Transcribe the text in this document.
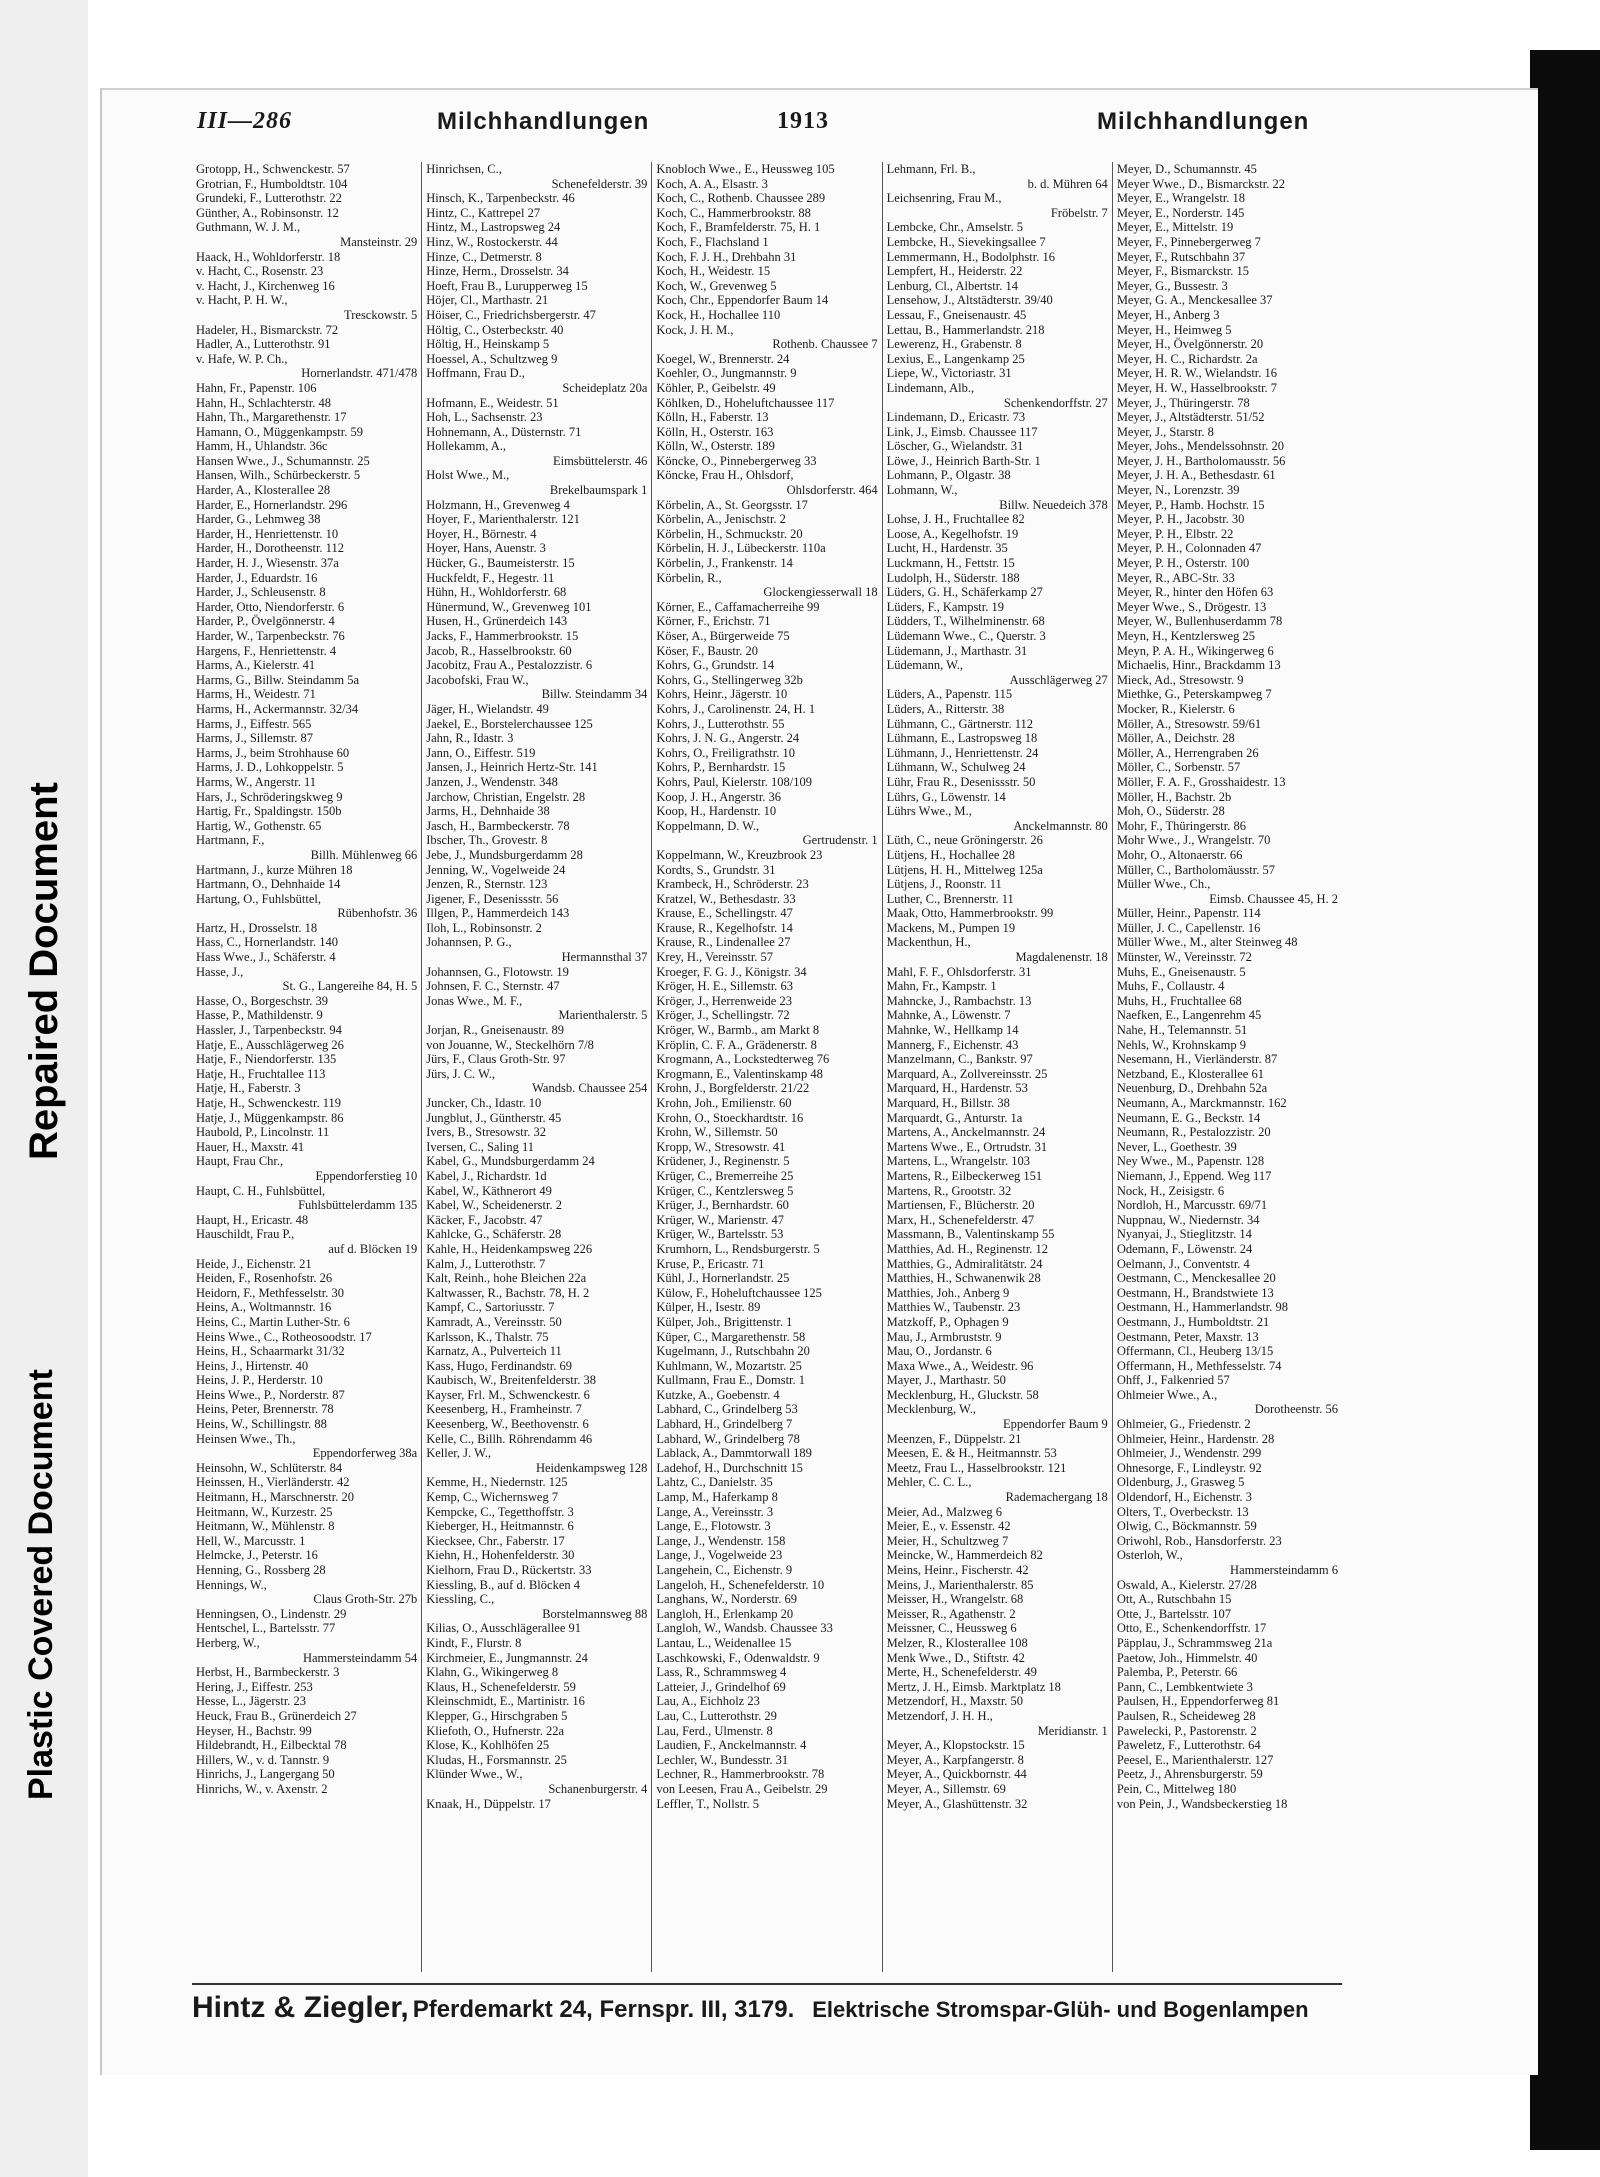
Repaired Document
Plastic Covered Document
III—286	Milchhandlungen	1913	Milchhandlungen
Grotopp, H., Schwenckestr. 57
Grotrian, F., Humboldtstr. 104
Grundeki, F., Lutterothstr. 22
Günther, A., Robinsonstr. 12
Guthmann, W. J. M.,
Mansteinstr. 29
Haack, H., Wohldorferstr. 18
v. Hacht, C., Rosenstr. 23
v. Hacht, J., Kirchenweg 16
v. Hacht, P. H. W.,
Tresckowstr. 5
Hadeler, H., Bismarckstr. 72
Hadler, A., Lutterothstr. 91
v. Hafe, W. P. Ch.,
Hornerlandstr. 471/478
Hahn, Fr., Papenstr. 106
Hahn, H., Schlachterstr. 48
Hahn, Th., Margarethenstr. 17
Hamann, O., Müggenkampstr. 59
Hamm, H., Uhlandstr. 36c
Hansen Wwe., J., Schumannstr. 25
Hansen, Wilh., Schürbeckerstr. 5
Harder, A., Klosterallee 28
Harder, E., Hornerlandstr. 296
Harder, G., Lehmweg 38
Harder, H., Henriettenstr. 10
Harder, H., Dorotheenstr. 112
Harder, H. J., Wiesenstr. 37a
Harder, J., Eduardstr. 16
Harder, J., Schleusenstr. 8
Harder, Otto, Niendorferstr. 6
Harder, P., Övelgönnerstr. 4
Harder, W., Tarpenbeckstr. 76
Hargens, F., Henriettenstr. 4
Harms, A., Kielerstr. 41
Harms, G., Billw. Steindamm 5a
Harms, H., Weidestr. 71
Harms, H., Ackermannstr. 32/34
Harms, J., Eiffestr. 565
Harms, J., Sillemstr. 87
Harms, J., beim Strohhause 60
Harms, J. D., Lohkoppelstr. 5
Harms, W., Angerstr. 11
Hars, J., Schröderingskweg 9
Hartig, Fr., Spaldingstr. 150b
Hartig, W., Gothenstr. 65
Hartmann, F.,
Billh. Mühlenweg 66
Hartmann, J., kurze Mühren 18
Hartmann, O., Dehnhaide 14
Hartung, O., Fuhlsbüttel,
Rübenhofstr. 36
Hartz, H., Drosselstr. 18
Hass, C., Hornerlandstr. 140
Hass Wwe., J., Schäferstr. 4
Hasse, J.,
St. G., Langereihe 84, H. 5
Hasse, O., Borgeschstr. 39
Hasse, P., Mathildenstr. 9
Hassler, J., Tarpenbeckstr. 94
Hatje, E., Ausschlägerweg 26
Hatje, F., Niendorferstr. 135
Hatje, H., Fruchtallee 113
Hatje, H., Faberstr. 3
Hatje, H., Schwenckestr. 119
Hatje, J., Müggenkampstr. 86
Haubold, P., Lincolnstr. 11
Hauer, H., Maxstr. 41
Haupt, Frau Chr.,
Eppendorferstieg 10
Haupt, C. H., Fuhlsbüttel,
Fuhlsbüttelerdamm 135
Haupt, H., Ericastr. 48
Hauschildt, Frau P.,
auf d. Blöcken 19
Heide, J., Eichenstr. 21
Heiden, F., Rosenhofstr. 26
Heidorn, F., Methfesselstr. 30
Heins, A., Woltmannstr. 16
Heins, C., Martin Luther-Str. 6
Heins Wwe., C., Rotheosoodstr. 17
Heins, H., Schaarmarkt 31/32
Heins, J., Hirtenstr. 40
Heins, J. P., Herderstr. 10
Heins Wwe., P., Norderstr. 87
Heins, Peter, Brennerstr. 78
Heins, W., Schillingstr. 88
Heinsen Wwe., Th.,
Eppendorferweg 38a
Heinsohn, W., Schlüterstr. 84
Heinssen, H., Vierländerstr. 42
Heitmann, H., Marschnerstr. 20
Heitmann, W., Kurzestr. 25
Heitmann, W., Mühlenstr. 8
Hell, W., Marcusstr. 1
Helmcke, J., Peterstr. 16
Henning, G., Rossberg 28
Hennings, W.,
Claus Groth-Str. 27b
Henningsen, O., Lindenstr. 29
Hentschel, L., Bartelsstr. 77
Herberg, W.,
Hammersteindamm 54
Herbst, H., Barmbeckerstr. 3
Hering, J., Eiffestr. 253
Hesse, L., Jägerstr. 23
Heuck, Frau B., Grünerdeich 27
Heyser, H., Bachstr. 99
Hildebrandt, H., Eilbecktal 78
Hillers, W., v. d. Tannstr. 9
Hinrichs, J., Langergang 50
Hinrichs, W., v. Axenstr. 2
Hinrichsen, C.,
Schenefelderstr. 39
Hinsch, K., Tarpenbeckstr. 46
Hintz, C., Kattrepel 27
Hintz, M., Lastropsweg 24
Hinz, W., Rostockerstr. 44
Hinze, C., Detmerstr. 8
Hinze, Herm., Drosselstr. 34
Hoeft, Frau B., Lurupperweg 15
Höjer, Cl., Marthastr. 21
Höiser, C., Friedrichsbergerstr. 47
Höltig, C., Osterbeckstr. 40
Höltig, H., Heinskamp 5
Hoessel, A., Schultzweg 9
Hoffmann, Frau D.,
Scheideplatz 20a
Hofmann, E., Weidestr. 51
Hoh, L., Sachsenstr. 23
Hohnemann, A., Düsternstr. 71
Hollekamm, A.,
Eimsbüttelerstr. 46
Holst Wwe., M.,
Brekelbaumspark 1
Holzmann, H., Grevenweg 4
Hoyer, F., Marienthalerstr. 121
Hoyer, H., Börnestr. 4
Hoyer, Hans, Auenstr. 3
Hücker, G., Baumeisterstr. 15
Huckfeldt, F., Hegestr. 11
Hühn, H., Wohldorferstr. 68
Hünermund, W., Grevenweg 101
Husen, H., Grünerdeich 143
Jacks, F., Hammerbrookstr. 15
Jacob, R., Hasselbrookstr. 60
Jacobitz, Frau A., Pestalozzistr. 6
Jacobofski, Frau W.,
Billw. Steindamm 34
Jäger, H., Wielandstr. 49
Jaekel, E., Borstelerchaussee 125
Jahn, R., Idastr. 3
Jann, O., Eiffestr. 519
Jansen, J., Heinrich Hertz-Str. 141
Janzen, J., Wendenstr. 348
Jarchow, Christian, Engelstr. 28
Jarms, H., Dehnhaide 38
Jasch, H., Barmbeckerstr. 78
Ibscher, Th., Grovestr. 8
Jebe, J., Mundsburgerdamm 28
Jenning, W., Vogelweide 24
Jenzen, R., Sternstr. 123
Jigener, F., Desenissstr. 56
Illgen, P., Hammerdeich 143
Iloh, L., Robinsonstr. 2
Johannsen, P. G.,
Hermannsthal 37
Johannsen, G., Flotowstr. 19
Johnsen, F. C., Sternstr. 47
Jonas Wwe., M. F.,
Marienthalerstr. 5
Jorjan, R., Gneisenaustr. 89
von Jouanne, W., Steckelhörn 7/8
Jürs, F., Claus Groth-Str. 97
Jürs, J. C. W.,
Wandsb. Chaussee 254
Juncker, Ch., Idastr. 10
Jungblut, J., Güntherstr. 45
Ivers, B., Stresowstr. 32
Iversen, C., Saling 11
Kabel, G., Mundsburgerdamm 24
Kabel, J., Richardstr. 1d
Kabel, W., Käthnerort 49
Kabel, W., Scheidenerstr. 2
Käcker, F., Jacobstr. 47
Kahlcke, G., Schäferstr. 28
Kahle, H., Heidenkampsweg 226
Kalm, J., Lutterothstr. 7
Kalt, Reinh., hohe Bleichen 22a
Kaltwasser, R., Bachstr. 78, H. 2
Kampf, C., Sartoriusstr. 7
Kamradt, A., Vereinsstr. 50
Karlsson, K., Thalstr. 75
Karnatz, A., Pulverteich 11
Kass, Hugo, Ferdinandstr. 69
Kaubisch, W., Breitenfelderstr. 38
Kayser, Frl. M., Schwenckestr. 6
Keesenberg, H., Framheinstr. 7
Keesenberg, W., Beethovenstr. 6
Kelle, C., Billh. Röhrendamm 46
Keller, J. W.,
Heidenkampsweg 128
Kemme, H., Niedernstr. 125
Kemp, C., Wichernsweg 7
Kempcke, C., Tegetthoffstr. 3
Kieberger, H., Heitmannstr. 6
Kiecksee, Chr., Faberstr. 17
Kiehn, H., Hohenfelderstr. 30
Kielhorn, Frau D., Rückertstr. 33
Kiessling, B., auf d. Blöcken 4
Kiessling, C.,
Borstelmannsweg 88
Kilias, O., Ausschlägerallee 91
Kindt, F., Flurstr. 8
Kirchmeier, E., Jungmannstr. 24
Klahn, G., Wikingerweg 8
Klaus, H., Schenefelderstr. 59
Kleinschmidt, E., Martinistr. 16
Klepper, G., Hirschgraben 5
Kliefoth, O., Hufnerstr. 22a
Klose, K., Kohlhöfen 25
Kludas, H., Forsmannstr. 25
Klünder Wwe., W.,
Schanenburgerstr. 4
Knaak, H., Düppelstr. 17
Knobloch Wwe., E., Heussweg 105
Koch, A. A., Elsastr. 3
Koch, C., Rothenb. Chaussee 289
Koch, C., Hammerbrookstr. 88
Koch, F., Bramfelderstr. 75, H. 1
Koch, F., Flachsland 1
Koch, F. J. H., Drehbahn 31
Koch, H., Weidestr. 15
Koch, W., Grevenweg 5
Koch, Chr., Eppendorfer Baum 14
Kock, H., Hochallee 110
Kock, J. H. M.,
Rothenb. Chaussee 7
Koegel, W., Brennerstr. 24
Koehler, O., Jungmannstr. 9
Köhler, P., Geibelstr. 49
Köhlken, D., Hoheluftchaussee 117
Kölln, H., Faberstr. 13
Kölln, H., Osterstr. 163
Kölln, W., Osterstr. 189
Köncke, O., Pinnebergerweg 33
Köncke, Frau H., Ohlsdorf,
Ohlsdorferstr. 464
Körbelin, A., St. Georgsstr. 17
Körbelin, A., Jenischstr. 2
Körbelin, H., Schmuckstr. 20
Körbelin, H. J., Lübeckerstr. 110a
Körbelin, J., Frankenstr. 14
Körbelin, R.,
Glockengiesserwall 18
Körner, E., Caffamacherreihe 99
Körner, F., Erichstr. 71
Köser, A., Bürgerweide 75
Köser, F., Baustr. 20
Kohrs, G., Grundstr. 14
Kohrs, G., Stellingerweg 32b
Kohrs, Heinr., Jägerstr. 10
Kohrs, J., Carolinenstr. 24, H. 1
Kohrs, J., Lutterothstr. 55
Kohrs, J. N. G., Angerstr. 24
Kohrs, O., Freiligrathstr. 10
Kohrs, P., Bernhardstr. 15
Kohrs, Paul, Kielerstr. 108/109
Koop, J. H., Angerstr. 36
Koop, H., Hardenstr. 10
Koppelmann, D. W.,
Gertrudenstr. 1
Koppelmann, W., Kreuzbrook 23
Kordts, S., Grundstr. 31
Krambeck, H., Schröderstr. 23
Kratzel, W., Bethesdastr. 33
Krause, E., Schellingstr. 47
Krause, R., Kegelhofstr. 14
Krause, R., Lindenallee 27
Krey, H., Vereinsstr. 57
Kroeger, F. G. J., Königstr. 34
Kröger, H. E., Sillemstr. 63
Kröger, J., Herrenweide 23
Kröger, J., Schellingstr. 72
Kröger, W., Barmb., am Markt 8
Kröplin, C. F. A., Grädenerstr. 8
Krogmann, A., Lockstedterweg 76
Krogmann, E., Valentinskamp 48
Krohn, J., Borgfelderstr. 21/22
Krohn, Joh., Emilienstr. 60
Krohn, O., Stoeckhardtstr. 16
Krohn, W., Sillemstr. 50
Kropp, W., Stresowstr. 41
Krüdener, J., Reginenstr. 5
Krüger, C., Bremerreihe 25
Krüger, C., Kentzlersweg 5
Krüger, J., Bernhardstr. 60
Krüger, W., Marienstr. 47
Krüger, W., Bartelsstr. 53
Krumhorn, L., Rendsburgerstr. 5
Kruse, P., Ericastr. 71
Kühl, J., Hornerlandstr. 25
Külow, F., Hoheluftchaussee 125
Külper, H., Isestr. 89
Külper, Joh., Brigittenstr. 1
Küper, C., Margarethenstr. 58
Kugelmann, J., Rutschbahn 20
Kuhlmann, W., Mozartstr. 25
Kullmann, Frau E., Domstr. 1
Kutzke, A., Goebenstr. 4
Labhard, C., Grindelberg 53
Labhard, H., Grindelberg 7
Labhard, W., Grindelberg 78
Lablack, A., Dammtorwall 189
Ladehof, H., Durchschnitt 15
Lahtz, C., Danielstr. 35
Lamp, M., Haferkamp 8
Lange, A., Vereinsstr. 3
Lange, E., Flotowstr. 3
Lange, J., Wendenstr. 158
Lange, J., Vogelweide 23
Langehein, C., Eichenstr. 9
Langeloh, H., Schenefelderstr. 10
Langhans, W., Norderstr. 69
Langloh, H., Erlenkamp 20
Langloh, W., Wandsb. Chaussee 33
Lantau, L., Weidenallee 15
Laschkowski, F., Odenwaldstr. 9
Lass, R., Schrammsweg 4
Latteier, J., Grindelhof 69
Lau, A., Eichholz 23
Lau, C., Lutterothstr. 29
Lau, Ferd., Ulmenstr. 8
Laudien, F., Anckelmannstr. 4
Lechler, W., Bundesstr. 31
Lechner, R., Hammerbrookstr. 78
von Leesen, Frau A., Geibelstr. 29
Leffler, T., Nollstr. 5
Lehmann, Frl. B.,
b. d. Mühren 64
Leichsenring, Frau M.,
Fröbelstr. 7
Lembcke, Chr., Amselstr. 5
Lembcke, H., Sievekingsallee 7
Lemmermann, H., Bodolphstr. 16
Lempfert, H., Heiderstr. 22
Lenburg, Cl., Albertstr. 14
Lensehow, J., Altstädterstr. 39/40
Lessau, F., Gneisenaustr. 45
Lettau, B., Hammerlandstr. 218
Lewerenz, H., Grabenstr. 8
Lexius, E., Langenkamp 25
Liepe, W., Victoriastr. 31
Lindemann, Alb.,
Schenkendorffstr. 27
Lindemann, D., Ericastr. 73
Link, J., Eimsb. Chaussee 117
Löscher, G., Wielandstr. 31
Löwe, J., Heinrich Barth-Str. 1
Lohmann, P., Olgastr. 38
Lohmann, W.,
Billw. Neuedeich 378
Lohse, J. H., Fruchtallee 82
Loose, A., Kegelhofstr. 19
Lucht, H., Hardenstr. 35
Luckmann, H., Fettstr. 15
Ludolph, H., Süderstr. 188
Lüders, G. H., Schäferkamp 27
Lüders, F., Kampstr. 19
Lüdders, T., Wilhelminenstr. 68
Lüdemann Wwe., C., Querstr. 3
Lüdemann, J., Marthastr. 31
Lüdemann, W.,
Ausschlägerweg 27
Lüders, A., Papenstr. 115
Lüders, A., Ritterstr. 38
Lühmann, C., Gärtnerstr. 112
Lühmann, E., Lastropsweg 18
Lühmann, J., Henriettenstr. 24
Lühmann, W., Schulweg 24
Lühr, Frau R., Desenissstr. 50
Lührs, G., Löwenstr. 14
Lührs Wwe., M.,
Anckelmannstr. 80
Lüth, C., neue Gröningerstr. 26
Lütjens, H., Hochallee 28
Lütjens, H. H., Mittelweg 125a
Lütjens, J., Roonstr. 11
Luther, C., Brennerstr. 11
Maak, Otto, Hammerbrookstr. 99
Mackens, M., Pumpen 19
Mackenthun, H.,
Magdalenenstr. 18
Mahl, F. F., Ohlsdorferstr. 31
Mahn, Fr., Kampstr. 1
Mahncke, J., Rambachstr. 13
Mahnke, A., Löwenstr. 7
Mahnke, W., Hellkamp 14
Mannerg, F., Eichenstr. 43
Manzelmann, C., Bankstr. 97
Marquard, A., Zollvereinsstr. 25
Marquard, H., Hardenstr. 53
Marquard, H., Billstr. 38
Marquardt, G., Anturstr. 1a
Martens, A., Anckelmannstr. 24
Martens Wwe., E., Ortrudstr. 31
Martens, L., Wrangelstr. 103
Martens, R., Eilbeckerweg 151
Martens, R., Grootstr. 32
Martiensen, F., Blücherstr. 20
Marx, H., Schenefelderstr. 47
Massmann, B., Valentinskamp 55
Matthies, Ad. H., Reginenstr. 12
Matthies, G., Admiralitätstr. 24
Matthies, H., Schwanenwik 28
Matthies, Joh., Anberg 9
Matthies W., Taubenstr. 23
Matzkoff, P., Ophagen 9
Mau, J., Armbruststr. 9
Mau, O., Jordanstr. 6
Maxa Wwe., A., Weidestr. 96
Mayer, J., Marthastr. 50
Mecklenburg, H., Gluckstr. 58
Mecklenburg, W.,
Eppendorfer Baum 9
Meenzen, F., Düppelstr. 21
Meesen, E. & H., Heitmannstr. 53
Meetz, Frau L., Hasselbrookstr. 121
Mehler, C. C. L.,
Rademachergang 18
Meier, Ad., Malzweg 6
Meier, E., v. Essenstr. 42
Meier, H., Schultzweg 7
Meincke, W., Hammerdeich 82
Meins, Heinr., Fischerstr. 42
Meins, J., Marienthalerstr. 85
Meisser, H., Wrangelstr. 68
Meisser, R., Agathenstr. 2
Meissner, C., Heussweg 6
Melzer, R., Klosterallee 108
Menk Wwe., D., Stiftstr. 42
Merte, H., Schenefelderstr. 49
Mertz, J. H., Eimsb. Marktplatz 18
Metzendorf, H., Maxstr. 50
Metzendorf, J. H. H.,
Meridianstr. 1
Meyer, A., Klopstockstr. 15
Meyer, A., Karpfangerstr. 8
Meyer, A., Quickbornstr. 44
Meyer, A., Sillemstr. 69
Meyer, A., Glashüttenstr. 32
Meyer, D., Schumannstr. 45
Meyer Wwe., D., Bismarckstr. 22
Meyer, E., Wrangelstr. 18
Meyer, E., Norderstr. 145
Meyer, E., Mittelstr. 19
Meyer, F., Pinnebergerweg 7
Meyer, F., Rutschbahn 37
Meyer, F., Bismarckstr. 15
Meyer, G., Bussestr. 3
Meyer, G. A., Menckesallee 37
Meyer, H., Anberg 3
Meyer, H., Heimweg 5
Meyer, H., Övelgönnerstr. 20
Meyer, H. C., Richardstr. 2a
Meyer, H. R. W., Wielandstr. 16
Meyer, H. W., Hasselbrookstr. 7
Meyer, J., Thüringerstr. 78
Meyer, J., Altstädterstr. 51/52
Meyer, J., Starstr. 8
Meyer, Johs., Mendelssohnstr. 20
Meyer, J. H., Bartholomausstr. 56
Meyer, J. H. A., Bethesdastr. 61
Meyer, N., Lorenzstr. 39
Meyer, P., Hamb. Hochstr. 15
Meyer, P. H., Jacobstr. 30
Meyer, P. H., Elbstr. 22
Meyer, P. H., Colonnaden 47
Meyer, P. H., Osterstr. 100
Meyer, R., ABC-Str. 33
Meyer, R., hinter den Höfen 63
Meyer Wwe., S., Drögestr. 13
Meyer, W., Bullenhuserdamm 78
Meyn, H., Kentzlersweg 25
Meyn, P. A. H., Wikingerweg 6
Michaelis, Hinr., Brackdamm 13
Mieck, Ad., Stresowstr. 9
Miethke, G., Peterskampweg 7
Mocker, R., Kielerstr. 6
Möller, A., Stresowstr. 59/61
Möller, A., Deichstr. 28
Möller, A., Herrengraben 26
Möller, C., Sorbenstr. 57
Möller, F. A. F., Grosshaidestr. 13
Möller, H., Bachstr. 2b
Moh, O., Süderstr. 28
Mohr, F., Thüringerstr. 86
Mohr Wwe., J., Wrangelstr. 70
Mohr, O., Altonaerstr. 66
Müller, C., Bartholomäusstr. 57
Müller Wwe., Ch.,
Eimsb. Chaussee 45, H. 2
Müller, Heinr., Papenstr. 114
Müller, J. C., Capellenstr. 16
Müller Wwe., M., alter Steinweg 48
Münster, W., Vereinsstr. 72
Muhs, E., Gneisenaustr. 5
Muhs, F., Collaustr. 4
Muhs, H., Fruchtallee 68
Naefken, E., Langenrehm 45
Nahe, H., Telemannstr. 51
Nehls, W., Krohnskamp 9
Nesemann, H., Vierländerstr. 87
Netzband, E., Klosterallee 61
Neuenburg, D., Drehbahn 52a
Neumann, A., Marckmannstr. 162
Neumann, E. G., Beckstr. 14
Neumann, R., Pestalozzistr. 20
Never, L., Goethestr. 39
Ney Wwe., M., Papenstr. 128
Niemann, J., Eppend. Weg 117
Nock, H., Zeisigstr. 6
Nordloh, H., Marcusstr. 69/71
Nuppnau, W., Niedernstr. 34
Nyanyai, J., Stieglitzstr. 14
Odemann, F., Löwenstr. 24
Oelmann, J., Conventstr. 4
Oestmann, C., Menckesallee 20
Oestmann, H., Brandstwiete 13
Oestmann, H., Hammerlandstr. 98
Oestmann, J., Humboldtstr. 21
Oestmann, Peter, Maxstr. 13
Offermann, Cl., Heuberg 13/15
Offermann, H., Methfesselstr. 74
Ohff, J., Falkenried 57
Ohlmeier Wwe., A.,
Dorotheenstr. 56
Ohlmeier, G., Friedenstr. 2
Ohlmeier, Heinr., Hardenstr. 28
Ohlmeier, J., Wendenstr. 299
Ohnesorge, F., Lindleystr. 92
Oldenburg, J., Grasweg 5
Oldendorf, H., Eichenstr. 3
Olters, T., Overbeckstr. 13
Olwig, C., Böckmannstr. 59
Oriwohl, Rob., Hansdorferstr. 23
Osterloh, W.,
Hammersteindamm 6
Oswald, A., Kielerstr. 27/28
Ott, A., Rutschbahn 15
Otte, J., Bartelsstr. 107
Otto, E., Schenkendorffstr. 17
Päpplau, J., Schrammsweg 21a
Paetow, Joh., Himmelstr. 40
Palemba, P., Peterstr. 66
Pann, C., Lembkentwiete 3
Paulsen, H., Eppendorferweg 81
Paulsen, R., Scheideweg 28
Pawelecki, P., Pastorenstr. 2
Paweletz, F., Lutterothstr. 64
Peesel, E., Marienthalerstr. 127
Peetz, J., Ahrensburgerstr. 59
Pein, C., Mittelweg 180
von Pein, J., Wandsbeckerstieg 18
Hintz & Ziegler, Pferdemarkt 24, Fernspr. III, 3179. Elektrische Stromspar-Glüh- und Bogenlampen
